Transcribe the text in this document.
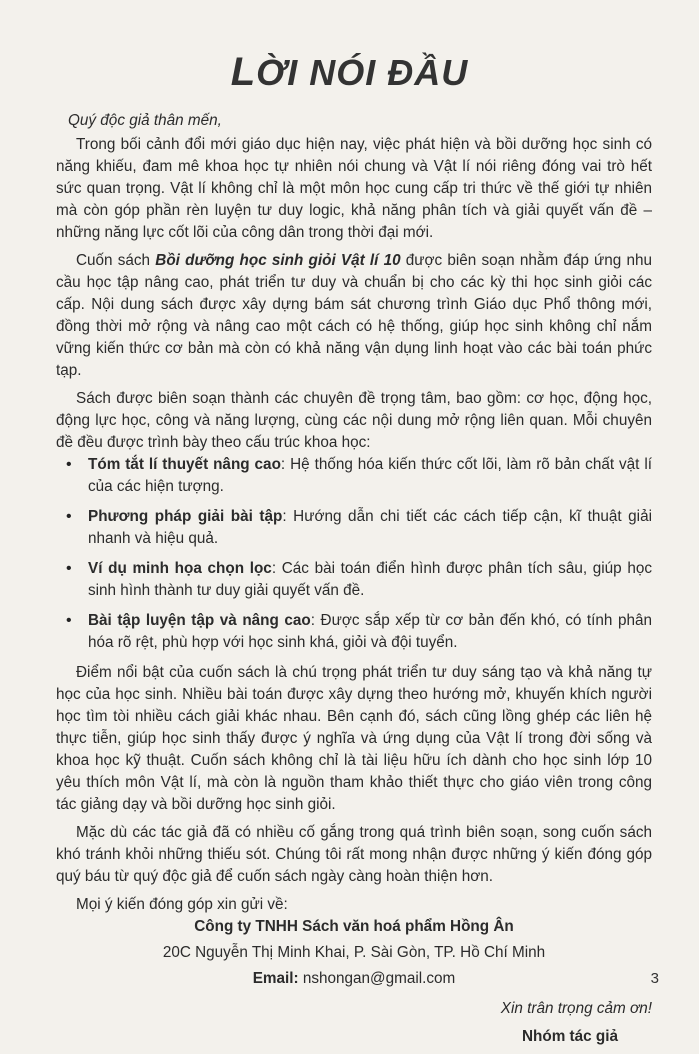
LỜI NÓI ĐẦU

Quý độc giả thân mến,

Trong bối cảnh đổi mới giáo dục hiện nay, việc phát hiện và bồi dưỡng học sinh có năng khiếu, đam mê khoa học tự nhiên nói chung và Vật lí nói riêng đóng vai trò hết sức quan trọng. Vật lí không chỉ là một môn học cung cấp tri thức về thế giới tự nhiên mà còn góp phần rèn luyện tư duy logic, khả năng phân tích và giải quyết vấn đề – những năng lực cốt lõi của công dân trong thời đại mới.

Cuốn sách Bồi dưỡng học sinh giỏi Vật lí 10 được biên soạn nhằm đáp ứng nhu cầu học tập nâng cao, phát triển tư duy và chuẩn bị cho các kỳ thi học sinh giỏi các cấp. Nội dung sách được xây dựng bám sát chương trình Giáo dục Phổ thông mới, đồng thời mở rộng và nâng cao một cách có hệ thống, giúp học sinh không chỉ nắm vững kiến thức cơ bản mà còn có khả năng vận dụng linh hoạt vào các bài toán phức tạp.

Sách được biên soạn thành các chuyên đề trọng tâm, bao gồm: cơ học, động học, động lực học, công và năng lượng, cùng các nội dung mở rộng liên quan. Mỗi chuyên đề đều được trình bày theo cấu trúc khoa học:

• Tóm tắt lí thuyết nâng cao: Hệ thống hóa kiến thức cốt lõi, làm rõ bản chất vật lí của các hiện tượng.
• Phương pháp giải bài tập: Hướng dẫn chi tiết các cách tiếp cận, kĩ thuật giải nhanh và hiệu quả.
• Ví dụ minh họa chọn lọc: Các bài toán điển hình được phân tích sâu, giúp học sinh hình thành tư duy giải quyết vấn đề.
• Bài tập luyện tập và nâng cao: Được sắp xếp từ cơ bản đến khó, có tính phân hóa rõ rệt, phù hợp với học sinh khá, giỏi và đội tuyển.

Điểm nổi bật của cuốn sách là chú trọng phát triển tư duy sáng tạo và khả năng tự học của học sinh. Nhiều bài toán được xây dựng theo hướng mở, khuyến khích người học tìm tòi nhiều cách giải khác nhau. Bên cạnh đó, sách cũng lồng ghép các liên hệ thực tiễn, giúp học sinh thấy được ý nghĩa và ứng dụng của Vật lí trong đời sống và khoa học kỹ thuật. Cuốn sách không chỉ là tài liệu hữu ích dành cho học sinh lớp 10 yêu thích môn Vật lí, mà còn là nguồn tham khảo thiết thực cho giáo viên trong công tác giảng dạy và bồi dưỡng học sinh giỏi.

Mặc dù các tác giả đã có nhiều cố gắng trong quá trình biên soạn, song cuốn sách khó tránh khỏi những thiếu sót. Chúng tôi rất mong nhận được những ý kiến đóng góp quý báu từ quý độc giả để cuốn sách ngày càng hoàn thiện hơn.

Mọi ý kiến đóng góp xin gửi về:

Công ty TNHH Sách văn hoá phẩm Hồng Ân

20C Nguyễn Thị Minh Khai, P. Sài Gòn, TP. Hồ Chí Minh

Email: nshongan@gmail.com

Xin trân trọng cảm ơn!

Nhóm tác giả

3
